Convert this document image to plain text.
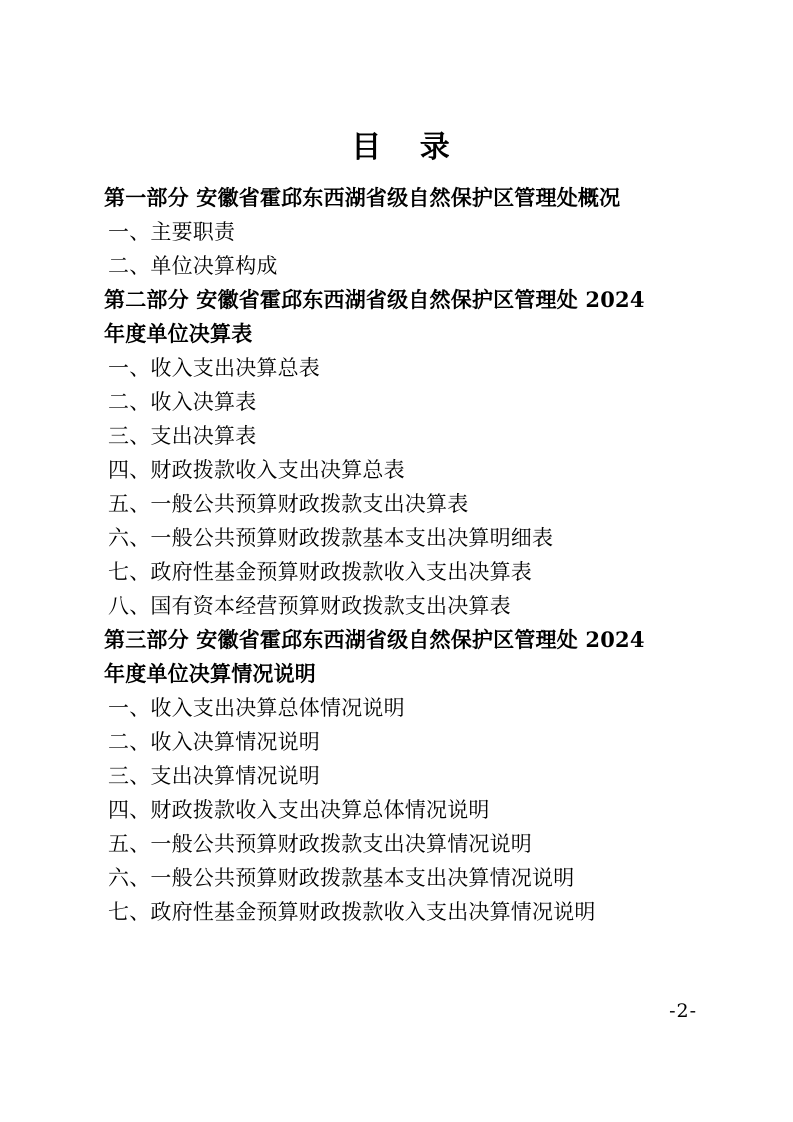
目 录
第一部分 安徽省霍邱东西湖省级自然保护区管理处概况
一、主要职责
二、单位决算构成
第二部分 安徽省霍邱东西湖省级自然保护区管理处 2024
年度单位决算表
一、收入支出决算总表
二、收入决算表
三、支出决算表
四、财政拨款收入支出决算总表
五、一般公共预算财政拨款支出决算表
六、一般公共预算财政拨款基本支出决算明细表
七、政府性基金预算财政拨款收入支出决算表
八、国有资本经营预算财政拨款支出决算表
第三部分 安徽省霍邱东西湖省级自然保护区管理处 2024
年度单位决算情况说明
一、收入支出决算总体情况说明
二、收入决算情况说明
三、支出决算情况说明
四、财政拨款收入支出决算总体情况说明
五、一般公共预算财政拨款支出决算情况说明
六、一般公共预算财政拨款基本支出决算情况说明
七、政府性基金预算财政拨款收入支出决算情况说明
-2-
